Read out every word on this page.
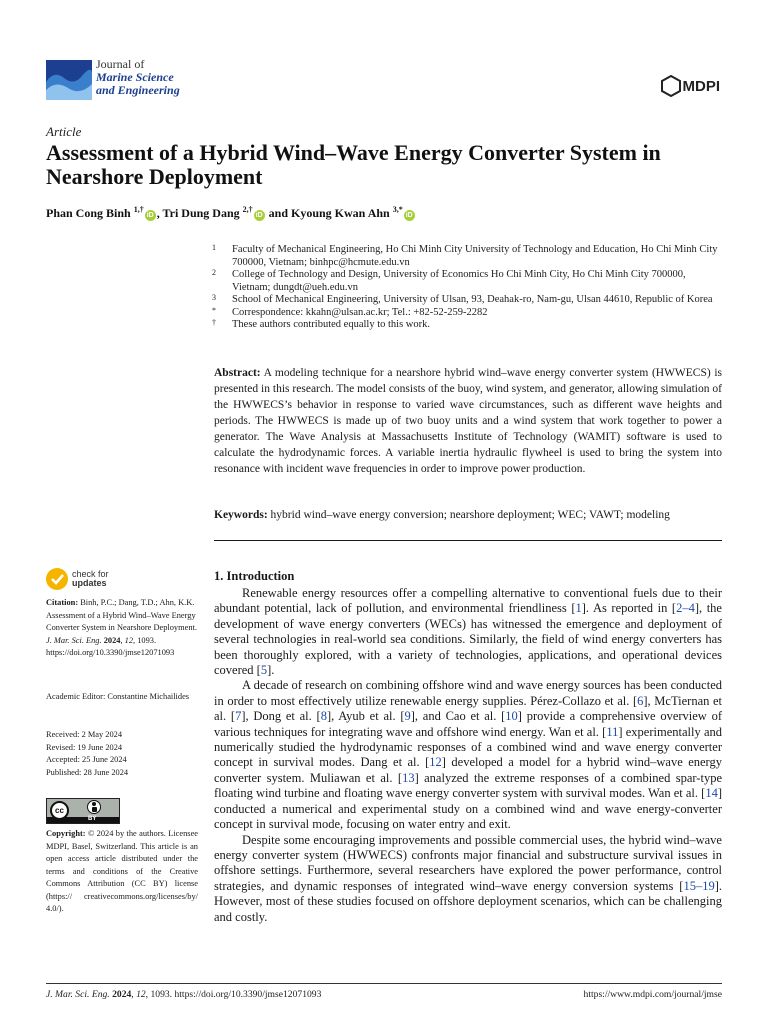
Journal of
Marine Science
and Engineering	MDPI
Article
Assessment of a Hybrid Wind–Wave Energy Converter System in Nearshore Deployment
Phan Cong Binh $^{1,\dagger}$iD , Tri Dung Dang $^{2,\dagger}$iD and Kyoung Kwan Ahn $^{3,*}$iD
1 Faculty of Mechanical Engineering, Ho Chi Minh City University of Technology and Education, Ho Chi Minh City 700000, Vietnam; binhpc@hcmute.edu.vn
2 College of Technology and Design, University of Economics Ho Chi Minh City, Ho Chi Minh City 700000, Vietnam; dungdt@ueh.edu.vn
3 School of Mechanical Engineering, University of Ulsan, 93, Deahak-ro, Nam-gu, Ulsan 44610, Republic of Korea
* Correspondence: kkahn@ulsan.ac.kr; Tel.: +82-52-259-2282
† These authors contributed equally to this work.
Abstract: A modeling technique for a nearshore hybrid wind–wave energy converter system (HWWECS) is presented in this research. The model consists of the buoy, wind system, and generator, allowing simulation of the HWWECS’s behavior in response to varied wave circumstances, such as different wave heights and periods. The HWWECS is made up of two buoy units and a wind system that work together to power a generator. The Wave Analysis at Massachusetts Institute of Technology (WAMIT) software is used to calculate the hydrodynamic forces. A variable inertia hydraulic flywheel is used to bring the system into resonance with incident wave frequencies in order to improve power production.
Keywords: hybrid wind–wave energy conversion; nearshore deployment; WEC; VAWT; modeling
check for
updates

Citation: Binh, P.C.; Dang, T.D.; Ahn, K.K. Assessment of a Hybrid Wind–Wave Energy Converter System in Nearshore Deployment. J. Mar. Sci. Eng. 2024, 12, 1093. https://doi.org/10.3390/jmse12071093

Academic Editor: Constantine Michailides

Received: 2 May 2024

Revised: 19 June 2024

Accepted: 25 June 2024

Published: 28 June 2024

cc
BY

Copyright: © 2024 by the authors. Licensee MDPI, Basel, Switzerland. This article is an open access article distributed under the terms and conditions of the Creative Commons Attribution (CC BY) license (https:// creativecommons.org/licenses/by/ 4.0/).

1. Introduction

Renewable energy resources offer a compelling alternative to conventional fuels due to their abundant potential, lack of pollution, and environmental friendliness [1]. As reported in [2–4], the development of wave energy converters (WECs) has witnessed the emergence and deployment of several technologies in real-world sea conditions. Similarly, the field of wind energy converters has been thoroughly explored, with a variety of technologies, applications, and operational devices covered [5].

A decade of research on combining offshore wind and wave energy sources has been conducted in order to most effectively utilize renewable energy supplies. Pérez-Collazo et al. [6], McTiernan et al. [7], Dong et al. [8], Ayub et al. [9], and Cao et al. [10] provide a comprehensive overview of various techniques for integrating wave and offshore wind energy. Wan et al. [11] experimentally and numerically studied the hydrodynamic responses of a combined wind and wave energy converter concept in survival modes. Dang et al. [12] developed a model for a hybrid wind–wave energy converter system. Muliawan et al. [13] analyzed the extreme responses of a combined spar-type floating wind turbine and floating wave energy converter system with survival modes. Wan et al. [14] conducted a numerical and experimental study on a combined wind and wave energy-converter concept in survival mode, focusing on water entry and exit.

Despite some encouraging improvements and possible commercial uses, the hybrid wind–wave energy converter system (HWWECS) confronts major financial and substructure survival issues in offshore settings. Furthermore, several researchers have explored the power performance, control strategies, and dynamic responses of integrated wind–wave energy conversion systems [15–19]. However, most of these studies focused on offshore deployment scenarios, which can be challenging and costly.

J. Mar. Sci. Eng. 2024, 12, 1093. https://doi.org/10.3390/jmse12071093	https://www.mdpi.com/journal/jmse
